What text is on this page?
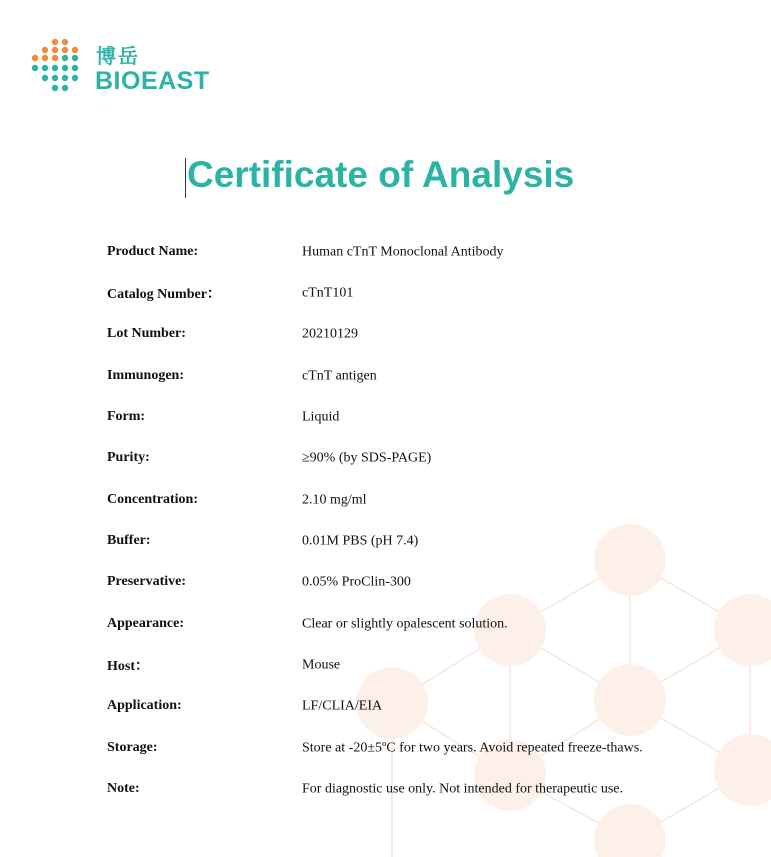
博岳
BIOEAST
Certificate of Analysis
Product Name:	Human cTnT Monoclonal Antibody
Catalog Number：	cTnT101
Lot Number:	20210129
Immunogen:	cTnT antigen
Form:	Liquid
Purity:	≥90% (by SDS-PAGE)
Concentration:	2.10 mg/ml
Buffer:	0.01M PBS (pH 7.4)
Preservative:	0.05% ProClin-300
Appearance:	Clear or slightly opalescent solution.
Host：	Mouse
Application:	LF/CLIA/EIA
Storage:	Store at -20±5ºC for two years. Avoid repeated freeze-thaws.
Note:	For diagnostic use only. Not intended for therapeutic use.
